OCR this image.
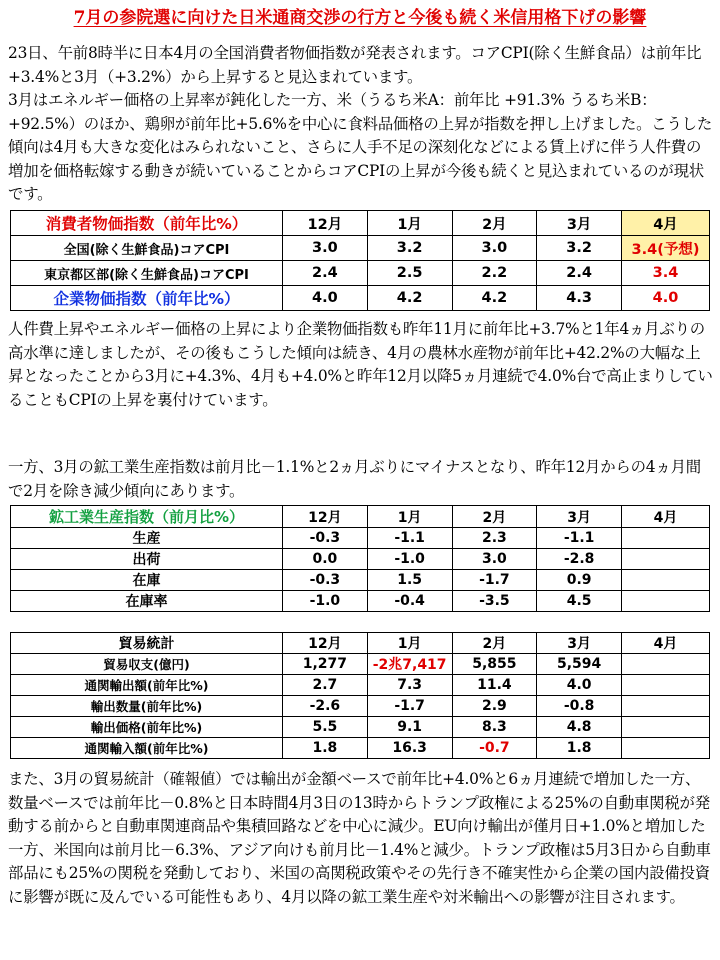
7月の参院選に向けた日米通商交渉の行方と今後も続く米信用格下げの影響

23日、午前8時半に日本4月の全国消費者物価指数が発表されます。コアCPI(除く生鮮食品）は前年比+3.4%と3月（+3.2%）から上昇すると見込まれています。

3月はエネルギー価格の上昇率が鈍化した一方、米（うるち米A：前年比 +91.3% うるち米B：+92.5%）のほか、鶏卵が前年比+5.6%を中心に食料品価格の上昇が指数を押し上げました。こうした傾向は4月も大きな変化はみられないこと、さらに人手不足の深刻化などによる賃上げに伴う人件費の増加を価格転嫁する動きが続いていることからコアCPIの上昇が今後も続くと見込まれているのが現状です。

消費者物価指数（前年比%）	12月	1月	2月	3月	4月
全国(除く生鮮食品)コアCPI	3.0	3.2	3.0	3.2	3.4(予想)
東京都区部(除く生鮮食品)コアCPI	2.4	2.5	2.2	2.4	3.4
企業物価指数（前年比%）	4.0	4.2	4.2	4.3	4.0

人件費上昇やエネルギー価格の上昇により企業物価指数も昨年11月に前年比+3.7%と1年4ヵ月ぶりの高水準に達しましたが、その後もこうした傾向は続き、4月の農林水産物が前年比+42.2%の大幅な上昇となったことから3月に+4.3%、4月も+4.0%と昨年12月以降5ヵ月連続で4.0%台で高止まりしていることもCPIの上昇を裏付けています。

一方、3月の鉱工業生産指数は前月比－1.1%と2ヵ月ぶりにマイナスとなり、昨年12月からの4ヵ月間で2月を除き減少傾向にあります。

鉱工業生産指数（前月比%）	12月	1月	2月	3月	4月
生産	-0.3	-1.1	2.3	-1.1	
出荷	0.0	-1.0	3.0	-2.8	
在庫	-0.3	1.5	-1.7	0.9	
在庫率	-1.0	-0.4	-3.5	4.5	
貿易統計	12月	1月	2月	3月	4月
貿易収支(億円)	1,277	-2兆7,417	5,855	5,594	
通関輸出額(前年比%)	2.7	7.3	11.4	4.0	
輸出数量(前年比%)	-2.6	-1.7	2.9	-0.8	
輸出価格(前年比%)	5.5	9.1	8.3	4.8	
通関輸入額(前年比%)	1.8	16.3	-0.7	1.8	

また、3月の貿易統計（確報値）では輸出が金額ベースで前年比+4.0%と6ヵ月連続で増加した一方、数量ベースでは前年比－0.8%と日本時間4月3日の13時からトランプ政権による25%の自動車関税が発動する前からと自動車関連商品や集積回路などを中心に減少。EU向け輸出が僅月日+1.0%と増加した一方、米国向は前月比－6.3%、アジア向けも前月比－1.4%と減少。トランプ政権は5月3日から自動車部品にも25%の関税を発動しており、米国の高関税政策やその先行き不確実性から企業の国内設備投資に影響が既に及んでいる可能性もあり、4月以降の鉱工業生産や対米輸出への影響が注目されます。
